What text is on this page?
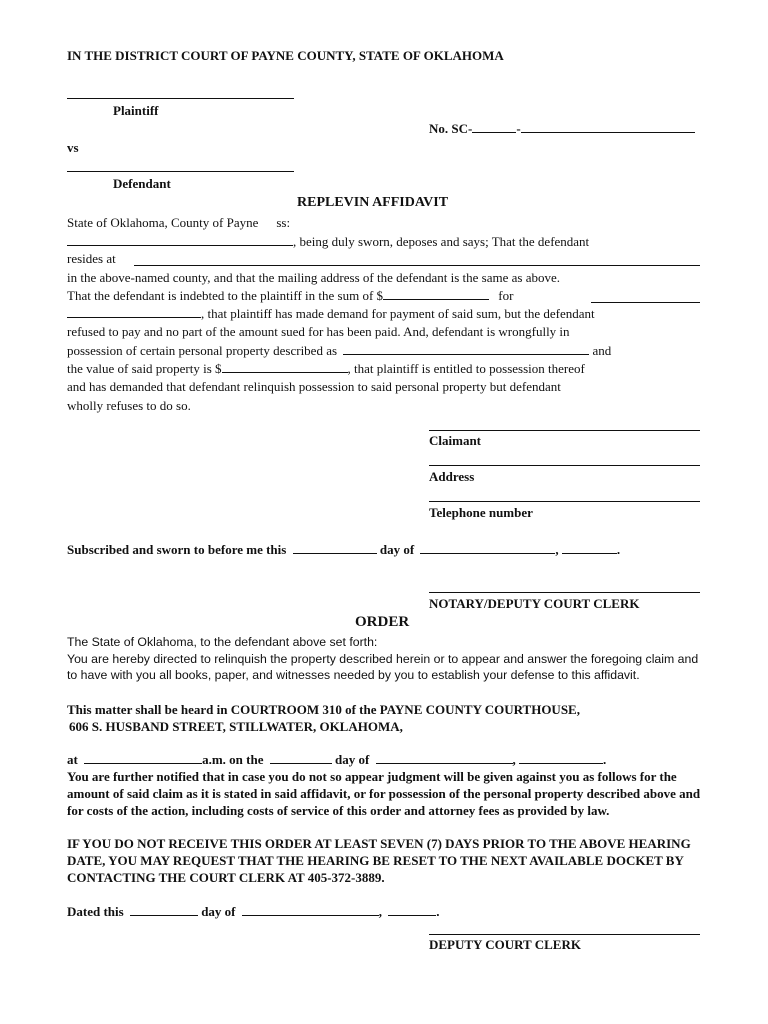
IN THE DISTRICT COURT OF PAYNE COUNTY, STATE OF OKLAHOMA
Plaintiff
No. SC-	-
vs
Defendant
REPLEVIN AFFIDAVIT
State of Oklahoma, County of Payne ss:
, being duly sworn, deposes and says; That the defendant
resides at
in the above-named county, and that the mailing address of the defendant is the same as above.
That the defendant is indebted to the plaintiff in the sum of $	for
, that plaintiff has made demand for payment of said sum, but the defendant
refused to pay and no part of the amount sued for has been paid. And, defendant is wrongfully in
possession of certain personal property described as	and
the value of said property is $	, that plaintiff is entitled to possession thereof
and has demanded that defendant relinquish possession to said personal property but defendant
wholly refuses to do so.
Claimant
Address
Telephone number
Subscribed and sworn to before me this	day of	,	.
NOTARY/DEPUTY COURT CLERK
ORDER

The State of Oklahoma, to the defendant above set forth:

You are hereby directed to relinquish the property described herein or to appear and answer the foregoing claim and to have with you all books, paper, and witnesses needed by you to establish your defense to this affidavit.

This matter shall be heard in COURTROOM 310 of the PAYNE COUNTY COURTHOUSE,
606 S. HUSBAND STREET, STILLWATER, OKLAHOMA,
at	a.m. on the	day of	,	.
You are further notified that in case you do not so appear judgment will be given against you as follows for the amount of said claim as it is stated in said affidavit, or for possession of the personal property described above and for costs of the action, including costs of service of this order and attorney fees as provided by law.
IF YOU DO NOT RECEIVE THIS ORDER AT LEAST SEVEN (7) DAYS PRIOR TO THE ABOVE HEARING DATE, YOU MAY REQUEST THAT THE HEARING BE RESET TO THE NEXT AVAILABLE DOCKET BY CONTACTING THE COURT CLERK AT 405-372-3889.
Dated this	day of	,	.
DEPUTY COURT CLERK
